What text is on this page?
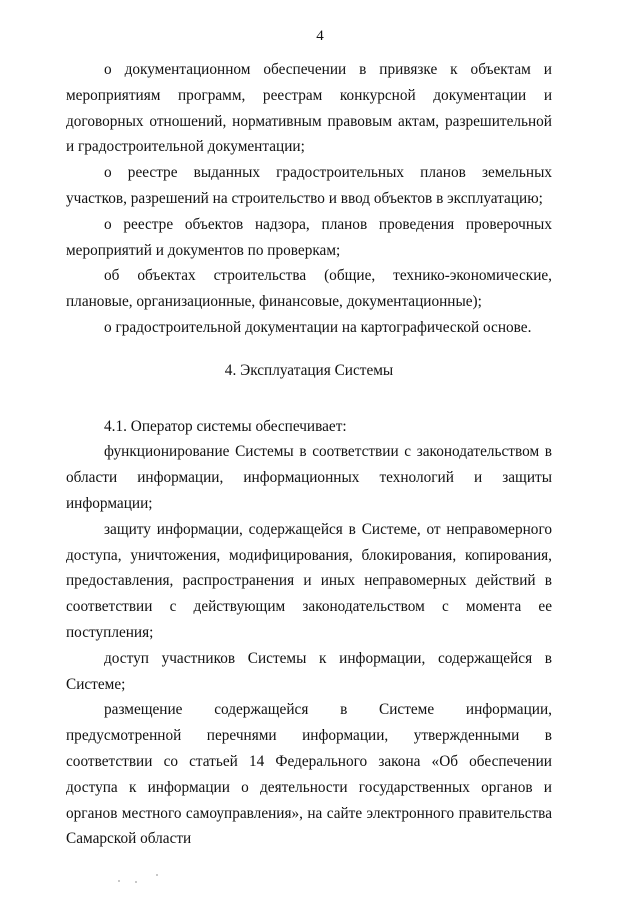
4

о документационном обеспечении в привязке к объектам и мероприятиям программ, реестрам конкурсной документации и договорных отношений, нормативным правовым актам, разрешительной и градостроительной документации;

о реестре выданных градостроительных планов земельных участков, разрешений на строительство и ввод объектов в эксплуатацию;

о реестре объектов надзора, планов проведения проверочных мероприятий и документов по проверкам;

об объектах строительства (общие, технико-экономические, плановые, организационные, финансовые, документационные);

о градостроительной документации на картографической основе.

4. Эксплуатация Системы

4.1. Оператор системы обеспечивает:

функционирование Системы в соответствии с законодательством в области информации, информационных технологий и защиты информации;

защиту информации, содержащейся в Системе, от неправомерного доступа, уничтожения, модифицирования, блокирования, копирования, предоставления, распространения и иных неправомерных действий в соответствии с действующим законодательством с момента ее поступления;

доступ участников Системы к информации, содержащейся в Системе;

размещение содержащейся в Системе информации, предусмотренной перечнями информации, утвержденными в соответствии со статьей 14 Федерального закона «Об обеспечении доступа к информации о деятельности государственных органов и органов местного самоуправления», на сайте электронного правительства Самарской области
